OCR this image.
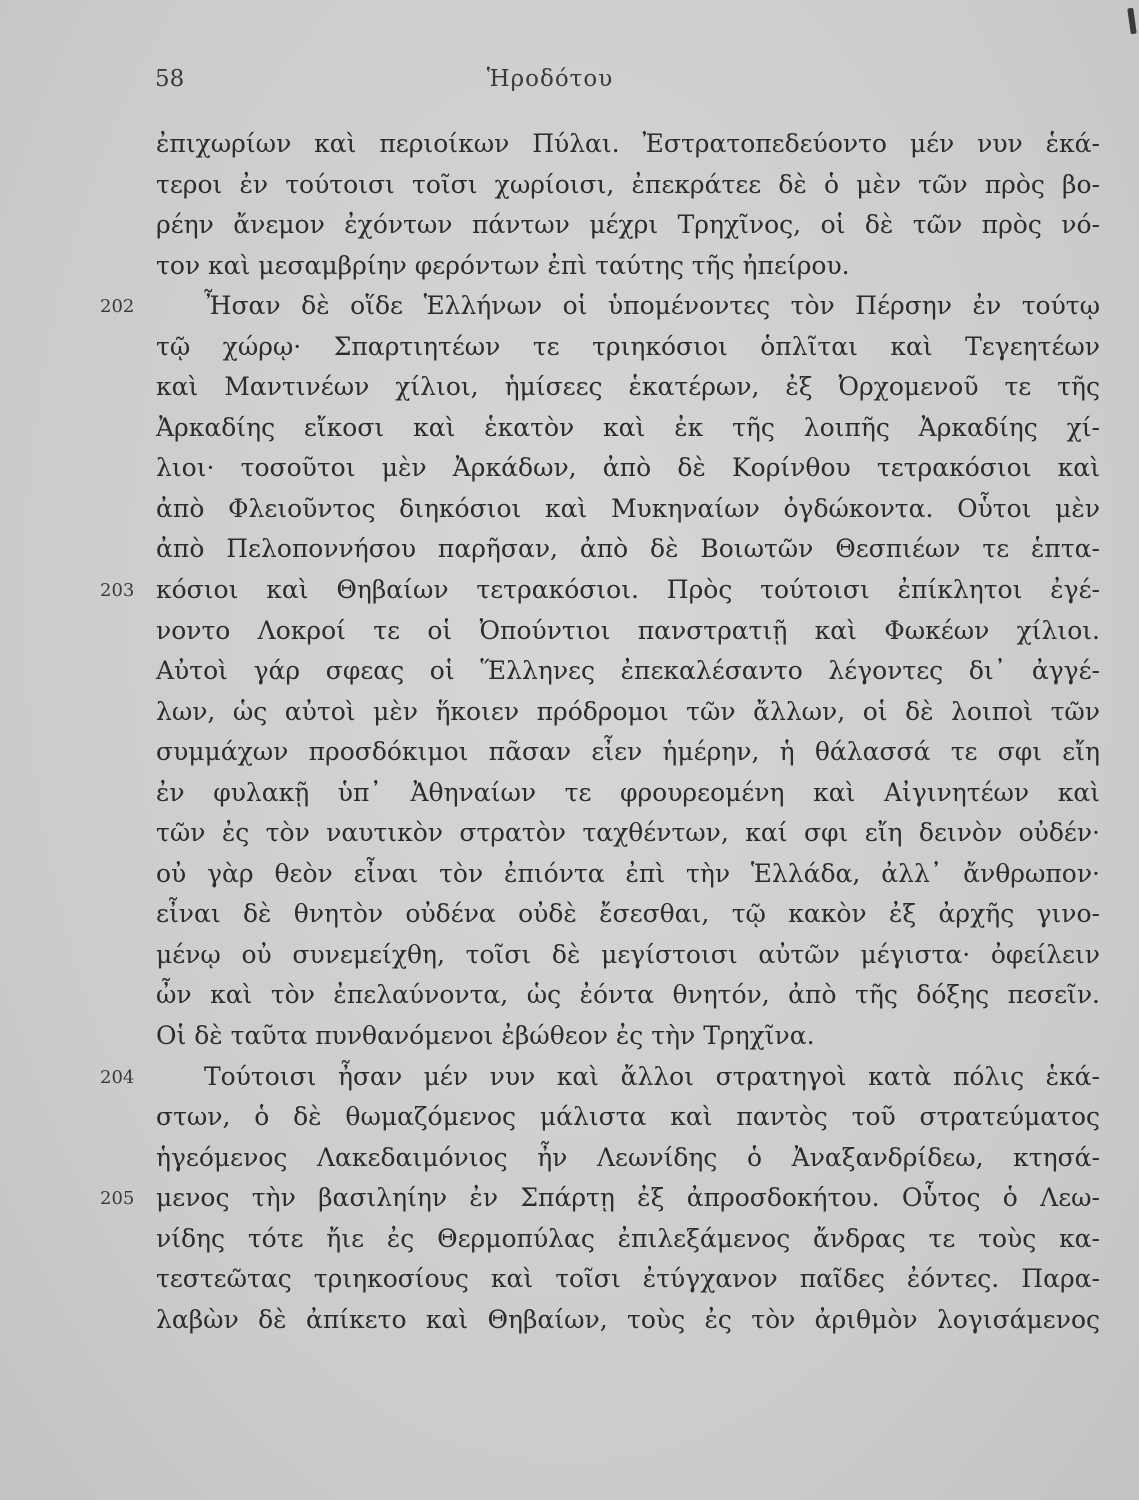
58	Ἡροδότου
ἐπιχωρίων καὶ περιοίκων Πύλαι. Ἐστρατοπεδεύοντο μέν νυν ἑκά-
τεροι ἐν τούτοισι τοῖσι χωρίοισι, ἐπεκράτεε δὲ ὁ μὲν τῶν πρὸς βο-
ρέην ἄνεμον ἐχόντων πάντων μέχρι Τρηχῖνος, οἱ δὲ τῶν πρὸς νό-
τον καὶ μεσαμβρίην φερόντων ἐπὶ ταύτης τῆς ἠπείρου.
202	Ἦσαν δὲ οἵδε Ἑλλήνων οἱ ὑπομένοντες τὸν Πέρσην ἐν τούτῳ
τῷ χώρῳ· Σπαρτιητέων τε τριηκόσιοι ὁπλῖται καὶ Τεγεητέων
καὶ Μαντινέων χίλιοι, ἡμίσεες ἑκατέρων, ἐξ Ὀρχομενοῦ τε τῆς
Ἀρκαδίης εἴκοσι καὶ ἑκατὸν καὶ ἐκ τῆς λοιπῆς Ἀρκαδίης χί-
λιοι· τοσοῦτοι μὲν Ἀρκάδων, ἀπὸ δὲ Κορίνθου τετρακόσιοι καὶ
ἀπὸ Φλειοῦντος διηκόσιοι καὶ Μυκηναίων ὀγδώκοντα. Οὗτοι μὲν
ἀπὸ Πελοποννήσου παρῆσαν, ἀπὸ δὲ Βοιωτῶν Θεσπιέων τε ἑπτα-
203 κόσιοι καὶ Θηβαίων τετρακόσιοι. Πρὸς τούτοισι ἐπίκλητοι ἐγέ-
νοντο Λοκροί τε οἱ Ὀπούντιοι πανστρατιῇ καὶ Φωκέων χίλιοι.
Αὐτοὶ γάρ σφεας οἱ Ἕλληνες ἐπεκαλέσαντο λέγοντες δι᾽ ἀγγέ-
λων, ὡς αὐτοὶ μὲν ἥκοιεν πρόδρομοι τῶν ἄλλων, οἱ δὲ λοιποὶ τῶν
συμμάχων προσδόκιμοι πᾶσαν εἶεν ἡμέρην, ἡ θάλασσά τε σφι εἴη
ἐν φυλακῇ ὑπ᾽ Ἀθηναίων τε φρουρεομένη καὶ Αἰγινητέων καὶ
τῶν ἐς τὸν ναυτικὸν στρατὸν ταχθέντων, καί σφι εἴη δεινὸν οὐδέν·
οὐ γὰρ θεὸν εἶναι τὸν ἐπιόντα ἐπὶ τὴν Ἑλλάδα, ἀλλ᾽ ἄνθρωπον·
εἶναι δὲ θνητὸν οὐδένα οὐδὲ ἔσεσθαι, τῷ κακὸν ἐξ ἀρχῆς γινο-
μένῳ οὐ συνεμείχθη, τοῖσι δὲ μεγίστοισι αὐτῶν μέγιστα· ὀφείλειν
ὦν καὶ τὸν ἐπελαύνοντα, ὡς ἐόντα θνητόν, ἀπὸ τῆς δόξης πεσεῖν.
Οἱ δὲ ταῦτα πυνθανόμενοι ἐβώθεον ἐς τὴν Τρηχῖνα.
204	Τούτοισι ἦσαν μέν νυν καὶ ἄλλοι στρατηγοὶ κατὰ πόλις ἑκά-
στων, ὁ δὲ θωμαζόμενος μάλιστα καὶ παντὸς τοῦ στρατεύματος
ἡγεόμενος Λακεδαιμόνιος ἦν Λεωνίδης ὁ Ἀναξανδρίδεω, κτησά-
205 μενος τὴν βασιληίην ἐν Σπάρτῃ ἐξ ἀπροσδοκήτου. Οὗτος ὁ Λεω-
νίδης τότε ἤιε ἐς Θερμοπύλας ἐπιλεξάμενος ἄνδρας τε τοὺς κα-
τεστεῶτας τριηκοσίους καὶ τοῖσι ἐτύγχανον παῖδες ἐόντες. Παρα-
λαβὼν δὲ ἀπίκετο καὶ Θηβαίων, τοὺς ἐς τὸν ἀριθμὸν λογισάμενος
